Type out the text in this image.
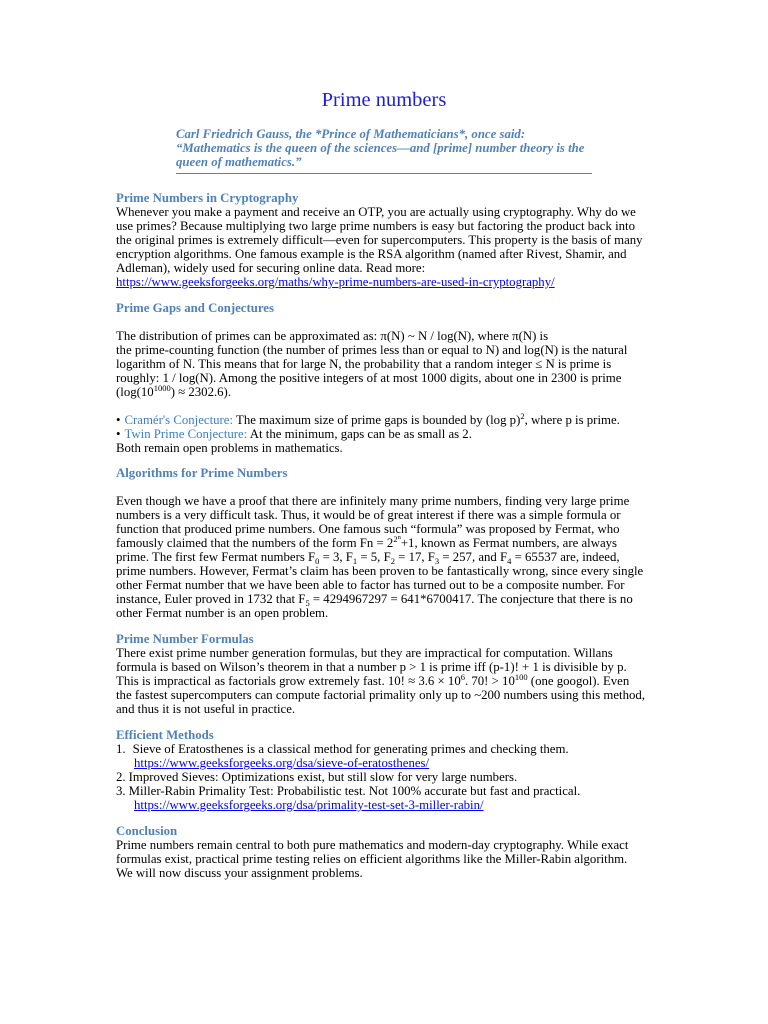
Prime numbers
Carl Friedrich Gauss, the *Prince of Mathematicians*, once said:
“Mathematics is the queen of the sciences—and [prime] number theory is the
queen of mathematics.”
Prime Numbers in Cryptography
Whenever you make a payment and receive an OTP, you are actually using cryptography. Why do we
use primes? Because multiplying two large prime numbers is easy but factoring the product back into
the original primes is extremely difficult—even for supercomputers. This property is the basis of many
encryption algorithms. One famous example is the RSA algorithm (named after Rivest, Shamir, and
Adleman), widely used for securing online data. Read more:
https://www.geeksforgeeks.org/maths/why-prime-numbers-are-used-in-cryptography/
Prime Gaps and Conjectures
The distribution of primes can be approximated as: π(N) ~ N / log(N), where π(N) is
the prime-counting function (the number of primes less than or equal to N) and log(N) is the natural
logarithm of N. This means that for large N, the probability that a random integer ≤ N is prime is
roughly: 1 / log(N). Among the positive integers of at most 1000 digits, about one in 2300 is prime
$(\log(10^{1000}) \approx 2302.6)$.
• Cramér's Conjecture: The maximum size of prime gaps is bounded by (log p)$^2$, where p is prime.
• Twin Prime Conjecture: At the minimum, gaps can be as small as 2.
Both remain open problems in mathematics.
Algorithms for Prime Numbers
Even though we have a proof that there are infinitely many prime numbers, finding very large prime
numbers is a very difficult task. Thus, it would be of great interest if there was a simple formula or
function that produced prime numbers. One famous such “formula” was proposed by Fermat, who
famously claimed that the numbers of the form $Fn = 2^{2^n}+1$, known as Fermat numbers, are always
prime. The first few Fermat numbers $F_0 = 3$, $F_1 = 5$, $F_2 = 17$, $F_3 = 257$, and $F_4 = 65537$ are, indeed,
prime numbers. However, Fermat’s claim has been proven to be fantastically wrong, since every single
other Fermat number that we have been able to factor has turned out to be a composite number. For
instance, Euler proved in 1732 that $F_5 = 4294967297 = 641*6700417$. The conjecture that there is no
other Fermat number is an open problem.
Prime Number Formulas
There exist prime number generation formulas, but they are impractical for computation. Willans
formula is based on Wilson’s theorem in that a number p > 1 is prime iff (p-1)! + 1 is divisible by p.
This is impractical as factorials grow extremely fast. 10! ≈ $3.6 \times 10^6$. 70! > $10^{100}$ (one googol). Even
the fastest supercomputers can compute factorial primality only up to ~200 numbers using this method,
and thus it is not useful in practice.
Efficient Methods
1. Sieve of Eratosthenes is a classical method for generating primes and checking them.
https://www.geeksforgeeks.org/dsa/sieve-of-eratosthenes/
2. Improved Sieves: Optimizations exist, but still slow for very large numbers.
3. Miller-Rabin Primality Test: Probabilistic test. Not 100% accurate but fast and practical.
https://www.geeksforgeeks.org/dsa/primality-test-set-3-miller-rabin/
Conclusion
Prime numbers remain central to both pure mathematics and modern-day cryptography. While exact
formulas exist, practical prime testing relies on efficient algorithms like the Miller-Rabin algorithm.
We will now discuss your assignment problems.
